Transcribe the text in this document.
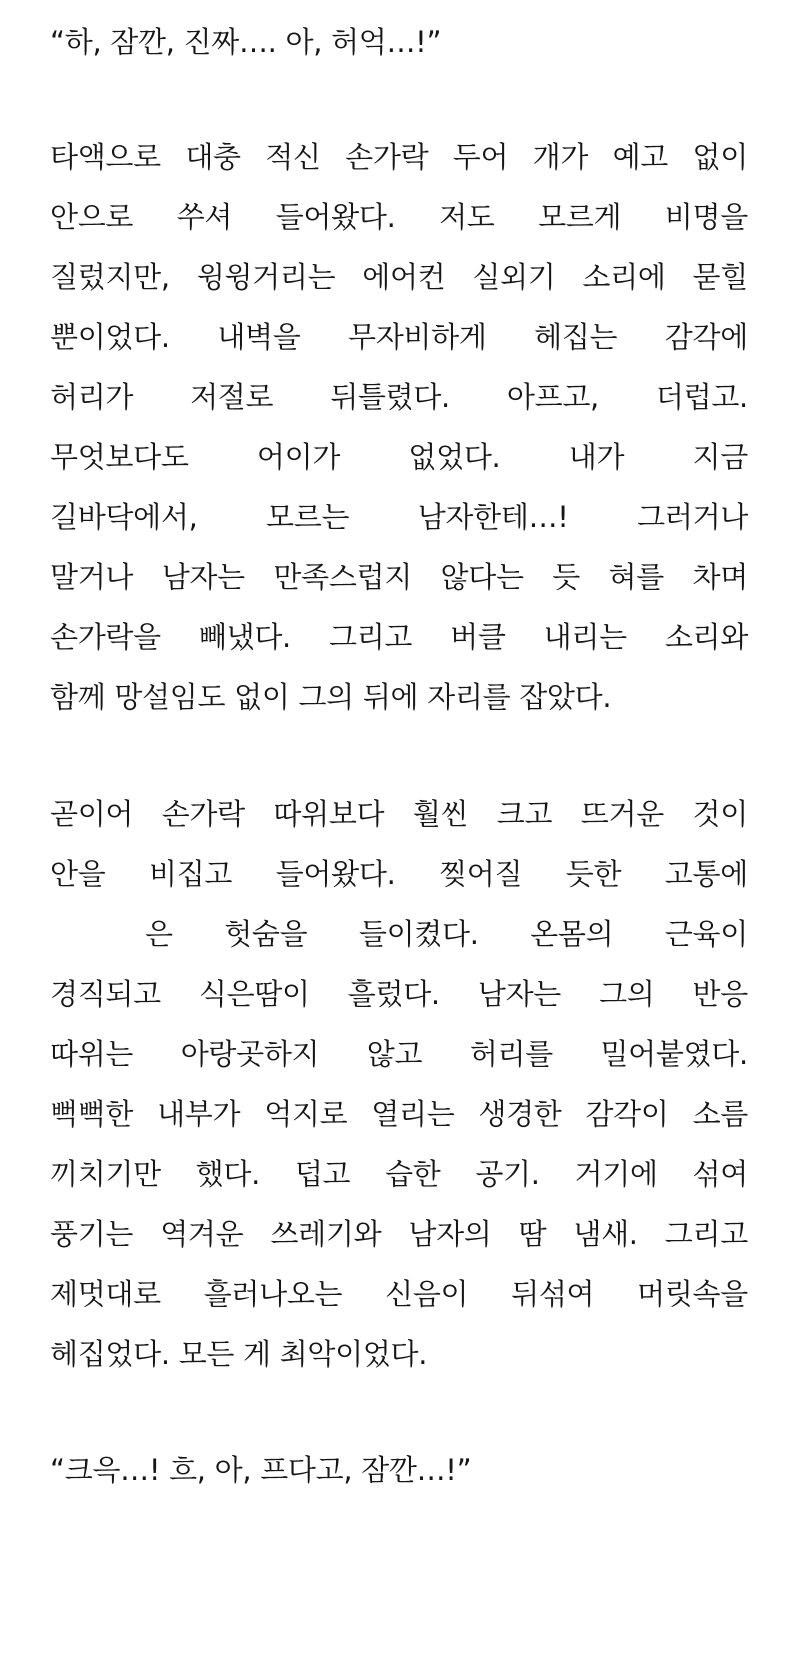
“하, 잠깐, 진짜…. 아, 허억…!”
타액으로 대충 적신 손가락 두어 개가 예고 없이
안으로 쑤셔 들어왔다. 저도 모르게 비명을
질렀지만, 윙윙거리는 에어컨 실외기 소리에 묻힐
뿐이었다. 내벽을 무자비하게 헤집는 감각에
허리가 저절로 뒤틀렸다. 아프고, 더럽고.
무엇보다도 어이가 없었다. 내가 지금
길바닥에서, 모르는 남자한테…! 그러거나
말거나 남자는 만족스럽지 않다는 듯 혀를 차며
손가락을 빼냈다. 그리고 버클 내리는 소리와
함께 망설임도 없이 그의 뒤에 자리를 잡았다.
곧이어 손가락 따위보다 훨씬 크고 뜨거운 것이
안을 비집고 들어왔다. 찢어질 듯한 고통에
은 헛숨을 들이켰다. 온몸의 근육이
경직되고 식은땀이 흘렀다. 남자는 그의 반응
따위는 아랑곳하지 않고 허리를 밀어붙였다.
뻑뻑한 내부가 억지로 열리는 생경한 감각이 소름
끼치기만 했다. 덥고 습한 공기. 거기에 섞여
풍기는 역겨운 쓰레기와 남자의 땀 냄새. 그리고
제멋대로 흘러나오는 신음이 뒤섞여 머릿속을
헤집었다. 모든 게 최악이었다.
“크윽…! 흐, 아, 프다고, 잠깐…!”
